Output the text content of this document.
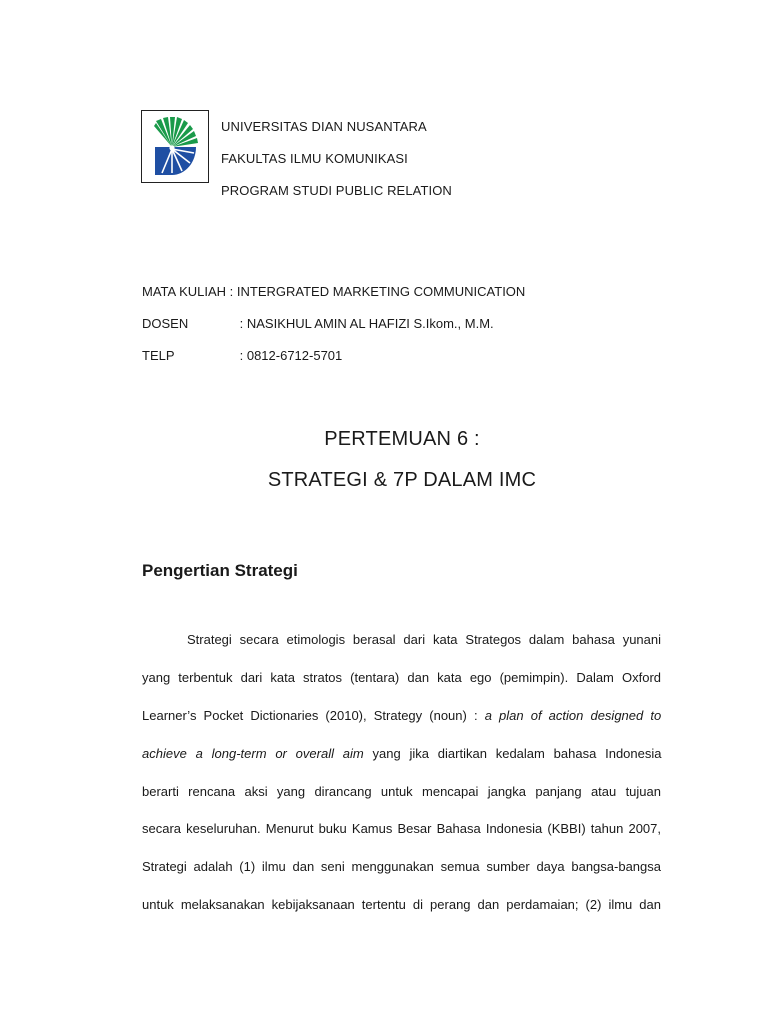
UNIVERSITAS DIAN NUSANTARA
FAKULTAS ILMU KOMUNIKASI
PROGRAM STUDI PUBLIC RELATION
MATA KULIAH : INTERGRATED MARKETING COMMUNICATION
DOSEN	: NASIKHUL AMIN AL HAFIZI S.Ikom., M.M.
TELP	: 0812-6712-5701
PERTEMUAN 6 :
STRATEGI & 7P DALAM IMC
Pengertian Strategi
Strategi secara etimologis berasal dari kata Strategos dalam bahasa yunani
yang terbentuk dari kata stratos (tentara) dan kata ego (pemimpin). Dalam Oxford
Learner’s Pocket Dictionaries (2010), Strategy (noun) : a plan of action designed to
achieve a long-term or overall aim yang jika diartikan kedalam bahasa Indonesia
berarti rencana aksi yang dirancang untuk mencapai jangka panjang atau tujuan
secara keseluruhan. Menurut buku Kamus Besar Bahasa Indonesia (KBBI) tahun 2007,
Strategi adalah (1) ilmu dan seni menggunakan semua sumber daya bangsa-bangsa
untuk melaksanakan kebijaksanaan tertentu di perang dan perdamaian; (2) ilmu dan
